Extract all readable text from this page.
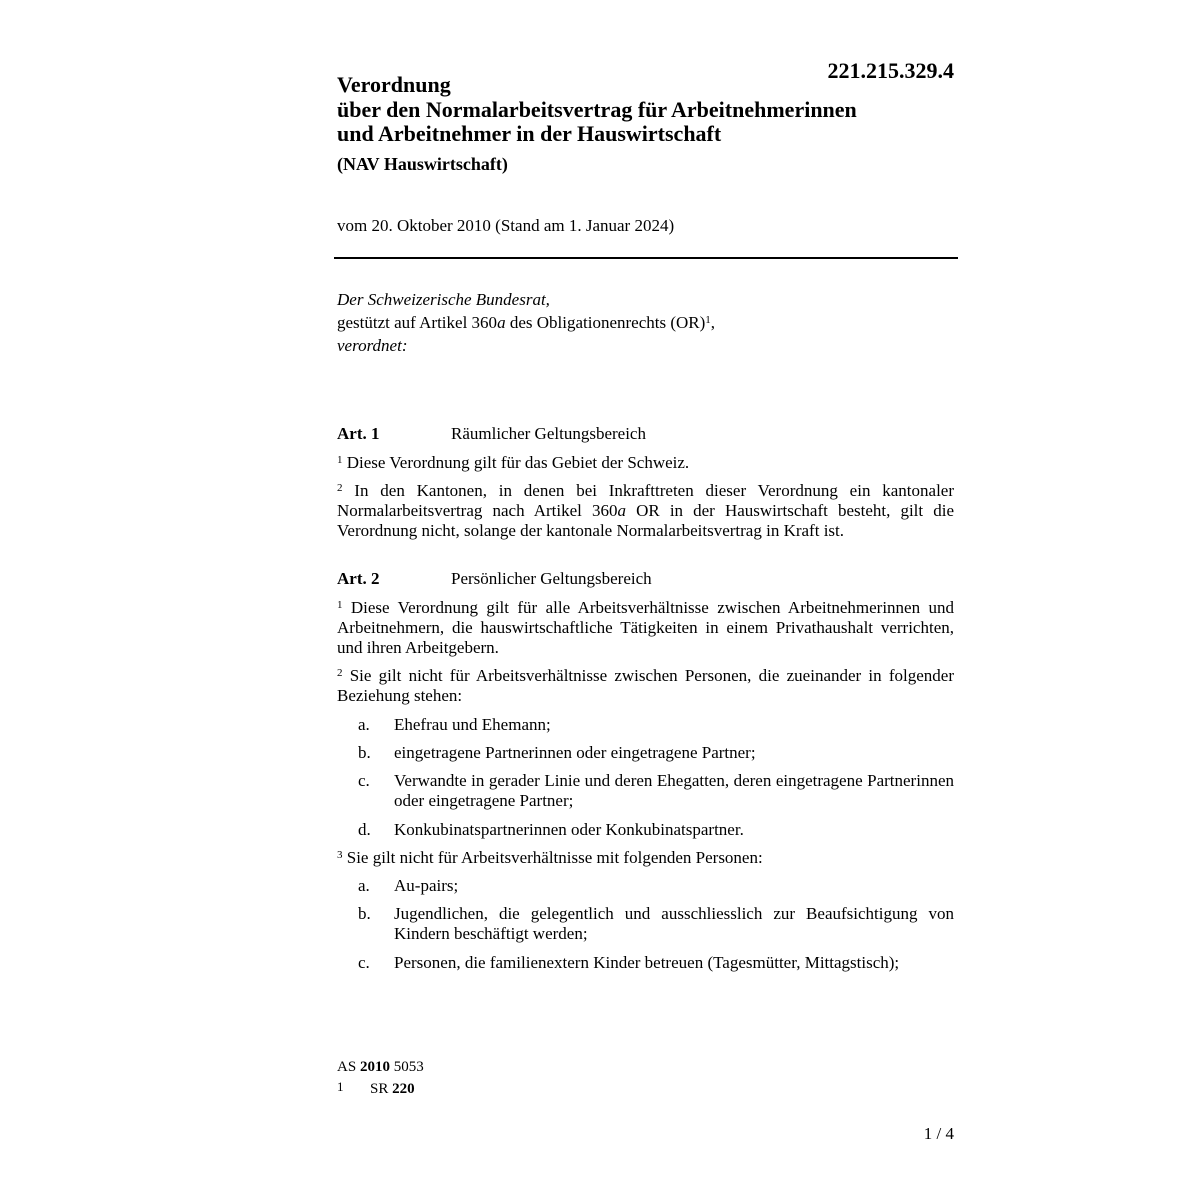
221.215.329.4
Verordnung
über den Normalarbeitsvertrag für Arbeitnehmerinnen
und Arbeitnehmer in der Hauswirtschaft
(NAV Hauswirtschaft)
vom 20. Oktober 2010 (Stand am 1. Januar 2024)
Der Schweizerische Bundesrat,
gestützt auf Artikel 360a des Obligationenrechts (OR)$^1$,
verordnet:
Art. 1	Räumlicher Geltungsbereich
$^1$ Diese Verordnung gilt für das Gebiet der Schweiz.
$^2$ In den Kantonen, in denen bei Inkrafttreten dieser Verordnung ein kantonaler Normalarbeitsvertrag nach Artikel 360a OR in der Hauswirtschaft besteht, gilt die Verordnung nicht, solange der kantonale Normalarbeitsvertrag in Kraft ist.
Art. 2	Persönlicher Geltungsbereich
$^1$ Diese Verordnung gilt für alle Arbeitsverhältnisse zwischen Arbeitnehmerinnen und Arbeitnehmern, die hauswirtschaftliche Tätigkeiten in einem Privathaushalt verrichten, und ihren Arbeitgebern.
$^2$ Sie gilt nicht für Arbeitsverhältnisse zwischen Personen, die zueinander in folgender Beziehung stehen:
a. Ehefrau und Ehemann;
b. eingetragene Partnerinnen oder eingetragene Partner;
c. Verwandte in gerader Linie und deren Ehegatten, deren eingetragene Partnerinnen oder eingetragene Partner;
d. Konkubinatspartnerinnen oder Konkubinatspartner.
$^3$ Sie gilt nicht für Arbeitsverhältnisse mit folgenden Personen:
a. Au-pairs;
b. Jugendlichen, die gelegentlich und ausschliesslich zur Beaufsichtigung von Kindern beschäftigt werden;
c. Personen, die familienextern Kinder betreuen (Tagesmütter, Mittagstisch);
AS 2010 5053
1 SR 220
1 / 4
